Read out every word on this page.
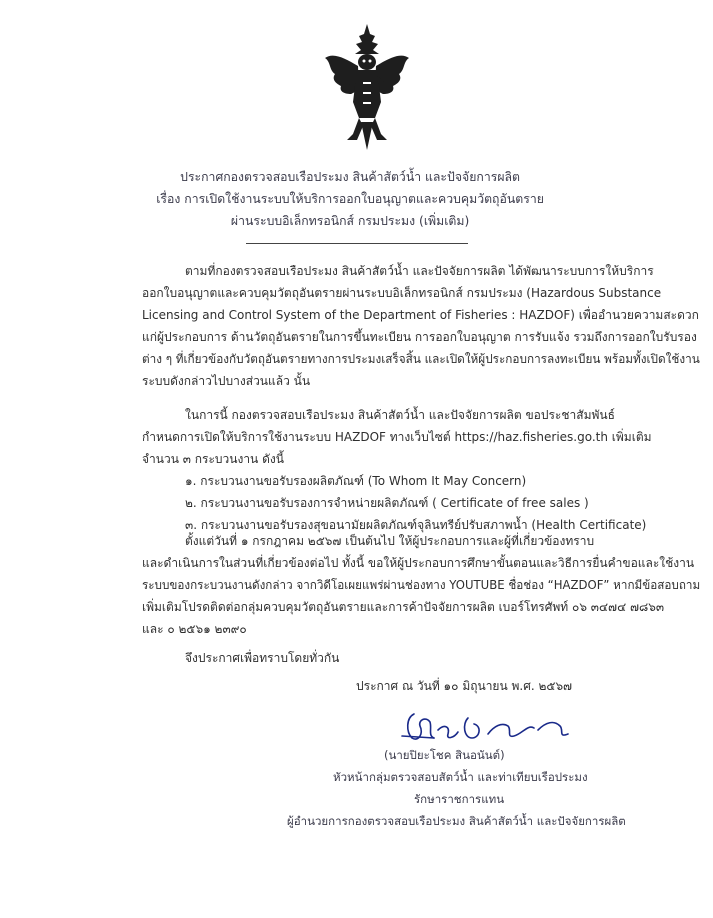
ประกาศกองตรวจสอบเรือประมง สินค้าสัตว์น้ำ และปัจจัยการผลิต
เรื่อง การเปิดใช้งานระบบให้บริการออกใบอนุญาตและควบคุมวัตถุอันตราย
ผ่านระบบอิเล็กทรอนิกส์ กรมประมง (เพิ่มเติม)
ตามที่กองตรวจสอบเรือประมง สินค้าสัตว์น้ำ และปัจจัยการผลิต ได้พัฒนาระบบการให้บริการ
ออกใบอนุญาตและควบคุมวัตถุอันตรายผ่านระบบอิเล็กทรอนิกส์ กรมประมง (Hazardous Substance
Licensing and Control System of the Department of Fisheries : HAZDOF) เพื่ออำนวยความสะดวก
แก่ผู้ประกอบการ ด้านวัตถุอันตรายในการขึ้นทะเบียน การออกใบอนุญาต การรับแจ้ง รวมถึงการออกใบรับรอง
ต่าง ๆ ที่เกี่ยวข้องกับวัตถุอันตรายทางการประมงเสร็จสิ้น และเปิดให้ผู้ประกอบการลงทะเบียน พร้อมทั้งเปิดใช้งาน
ระบบดังกล่าวไปบางส่วนแล้ว นั้น
ในการนี้ กองตรวจสอบเรือประมง สินค้าสัตว์น้ำ และปัจจัยการผลิต ขอประชาสัมพันธ์
กำหนดการเปิดให้บริการใช้งานระบบ HAZDOF ทางเว็บไซต์ https://haz.fisheries.go.th เพิ่มเติม
จำนวน ๓ กระบวนงาน ดังนี้
๑. กระบวนงานขอรับรองผลิตภัณฑ์ (To Whom It May Concern)
๒. กระบวนงานขอรับรองการจำหน่ายผลิตภัณฑ์ ( Certificate of free sales )
๓. กระบวนงานขอรับรองสุขอนามัยผลิตภัณฑ์จุลินทรีย์ปรับสภาพน้ำ (Health Certificate)
ตั้งแต่วันที่ ๑ กรกฎาคม ๒๕๖๗ เป็นต้นไป ให้ผู้ประกอบการและผู้ที่เกี่ยวข้องทราบ
และดำเนินการในส่วนที่เกี่ยวข้องต่อไป ทั้งนี้ ขอให้ผู้ประกอบการศึกษาขั้นตอนและวิธีการยื่นคำขอและใช้งาน
ระบบของกระบวนงานดังกล่าว จากวิดีโอเผยแพร่ผ่านช่องทาง YOUTUBE ชื่อช่อง “HAZDOF” หากมีข้อสอบถาม
เพิ่มเติมโปรดติดต่อกลุ่มควบคุมวัตถุอันตรายและการค้าปัจจัยการผลิต เบอร์โทรศัพท์ ๐๖ ๓๔๗๔ ๗๘๖๓
และ ๐ ๒๕๖๑ ๒๓๙๐
จึงประกาศเพื่อทราบโดยทั่วกัน
ประกาศ ณ วันที่ ๑๐ มิถุนายน พ.ศ. ๒๕๖๗
(นายปิยะโชค สินอนันต์)
หัวหน้ากลุ่มตรวจสอบสัตว์น้ำ และท่าเทียบเรือประมง
รักษาราชการแทน
ผู้อำนวยการกองตรวจสอบเรือประมง สินค้าสัตว์น้ำ และปัจจัยการผลิต
